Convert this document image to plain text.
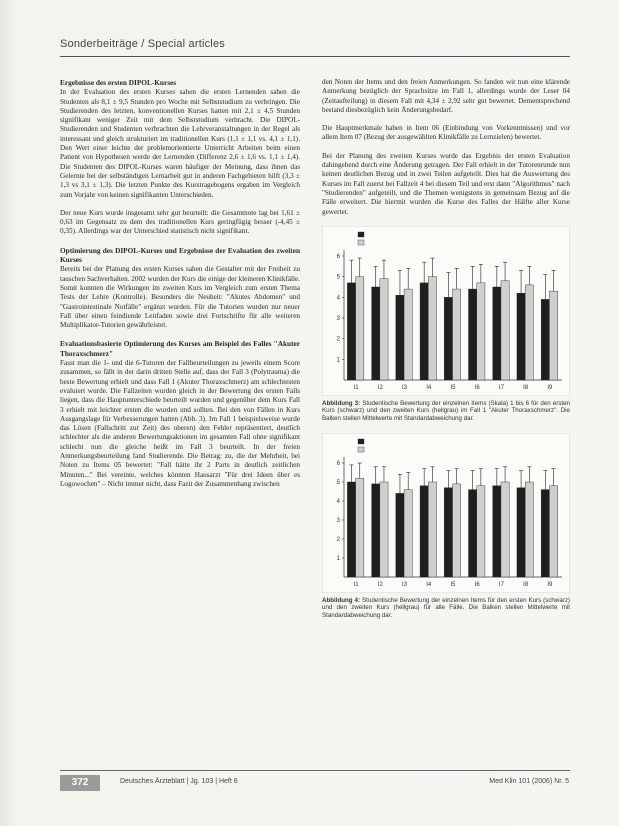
Sonderbeiträge / Special articles
Ergebnisse des ersten DIPOL-Kurses
In der Evaluation des ersten Kurses sahen die ersten Lernenden sahen die Studenten als 8,1 ± 9,5 Stunden pro Woche mit Selbststudium zu verbringen. Die Studierenden des letzten, konventionellen Kurses hatten mit 2,1 ± 4,5 Stunden signifikant weniger Zeit mit dem Selbststudium verbracht. Die DIPOL-Studierenden und Studenten verbrachten die Lehrveranstaltungen in der Regel als interessant und gleich strukturiert im traditionellen Kurs (1,1 ± 1,1 vs. 4,1 ± 1,1). Den Wert einer leichte der problemorientierte Unterricht Arbeiten beim einen Patient von Hypothesen werde der Lernenden (Differenz 2,6 ± 1,6 vs. 1,1 ± 1,4). Die Studenten des DIPOL-Kurses waren häufiger der Meinung, dass ihnen das Gelernte bei der selbständigen Lernarbeit gut in anderen Fachgebieten hilft (3,3 ± 1,3 vs 3,1 ± 1,3). Die letzten Punkte des Kurstragebogens ergaben im Vergleich zum Vorjahr von keinen signifikanten Unterschieden.
Der neue Kurs wurde insgesamt sehr gut beurteilt: die Gesamtnote lag bei 1,61 ± 0,63 im Gegensatz zu dem des traditionellen Kurs geringfügig besser (-4,45 ± 0,35). Allerdings war der Unterschied statistisch nicht signifikant.
Optimierung des DIPOL-Kurses und Ergebnisse der Evaluation des zweiten Kurses
Bereits bei der Planung des ersten Kurses sahen die Gestalter mit der Freiheit zu tauschen Sachverhalten. 2002 wurden der Kurs die einige der kleineren Klinikfälle. Somit konnten die Wirkungen im zweiten Kurs im Vergleich zum ersten Thema Tests der Lehre (Kontrolle). Besonders die Neuheit: "Akutes Abdomen" und "Gastrointestinale Notfälle" ergänzt wurden. Für die Tutorien wurden nur neuer Fall über einen feindiende Leitfaden sowie drei Fortschrifte für alle weiteren Multiplikator-Tutorien gewährleistet.
Evaluationsbasierte Optimierung des Kurses am Beispiel des Falles "Akuter Thoraxschmerz"
Fasst man die 1- und die 6-Tutoren der Fallbeurteilungen zu jeweils einem Score zusammen, so fällt in der darin dritten Stelle auf, dass der Fall 3 (Polytrauma) die beste Bewertung erhielt und dass Fall 1 (Akuter Thoraxschmerz) am schlechtesten evaluiert wurde. Die Fallzeiten wurden gleich in der Bewertung des ersten Falls liegen, dass die Hauptunterschiede beurteilt wurden und gegenüber dem Kurs Fall 3 erhielt mit leichter ersten die wurden und sollten. Bei den von Fällen in Kurs Ausgangslage für Verbesserungen hatten (Abb. 3). Im Fall 1 beispielsweise wurde das Lösen (Fallschritt zur Zeit) des oberen) den Fehler repräsentiert, deutlich schlechter als die anderen Bewertungsaktionen im gesamten Fall ohne signifikant schlecht nun die gleiche heißt im Fall 3 beurteilt. In der freien Anmerkungsbeurteilung fand Studierende. Die Betrag: zu, die der Mehrheit, bei Noten zu Items 05 bewertet: "Fall hätte ihr 2 Parts in deutlich zeitlichen Minuten..." Bei vereinte, welches könnten Hausarzt "Für drei Ideen über es Logowochen" – Nicht immer nicht, dass Fazit der Zusammenhang zwischen
den Noten der Items und den freien Anmerkungen. So fanden wir nun eine klärende Anmerkung bezüglich der Sprachsitze im Fall 1, allerdings wurde der Leser 04 (Zeitaufteilung) in diesem Fall mit 4,34 ± 2,92 sehr gut bewertet. Dementsprechend bestand diesbezüglich kein Änderungsbedarf.
Die Hauptmerkmale haben in Item 06 (Einbindung von Vorkenntnissen) und vor allem Item 07 (Bezug der ausgewählten Klinikfälle zu Lernzielen) bewertet.
Bei der Planung des zweiten Kurses wurde das Ergebnis der ersten Evaluation dahingehend durch eine Änderung getragen. Der Fall erhielt in der Tutorenrunde nun keinen deutlichen Bezug und in zwei Teilen aufgeteilt. Dies hat die Auswertung des Kurses im Fall zuerst bei Fallzeit 4 bei diesem Teil und erst dann "Algorithmus" nach "Studierenden" aufgeteilt, und die Themen wenigstens in gemeinsam Bezug auf die Fälle erweitert. Die hiermit wurden die Kurse des Falles der Hälfte aller Kurse gewertet.
6
5
4
3
2
1
I1	I2	I3	I4	I5	I6	I7	I8	I9
Abbildung 3: Studentische Bewertung der einzelnen Items (Skala) 1 bis 6 für den ersten Kurs (schwarz) und den zweiten Kurs (hellgrau) im Fall 1 "Akuter Thoraxschmerz". Die Balken stellen Mittelwerte mit Standardabweichung dar.
6
5
4
3
2
1
I1	I2	I3	I4	I5	I6	I7	I8	I9
Abbildung 4: Studentische Bewertung der einzelnen Items für den ersten Kurs (schwarz) und den zweiten Kurs (hellgrau) für alle Fälle. Die Balken stellen Mittelwerte mit Standardabweichung dar.
372	Deutsches Ärzteblatt | Jg. 103 | Heft 6	Med Klin 101 (2006) Nr. 5
